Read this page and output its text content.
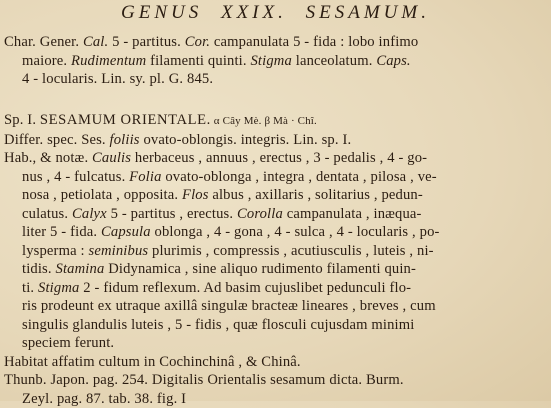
GENUS XXIX. SESAMUM.
Char. Gener. Cal. 5 - partitus. Cor. campanulata 5 - fida : lobo infimo
maiore. Rudimentum filamenti quinti. Stigma lanceolatum. Caps.
4 - locularis. Lin. sy. pl. G. 845.
Sp. I. SESAMUM ORIENTALE. α Cây Mè. β Mà · Chî.
Differ. spec. Ses. foliis ovato-oblongis. integris. Lin. sp. I.
Hab., & notæ. Caulis herbaceus , annuus , erectus , 3 - pedalis , 4 - go-
nus , 4 - fulcatus. Folia ovato-oblonga , integra , dentata , pilosa , ve-
nosa , petiolata , opposita. Flos albus , axillaris , solitarius , pedun-
culatus. Calyx 5 - partitus , erectus. Corolla campanulata , inæqua-
liter 5 - fida. Capsula oblonga , 4 - gona , 4 - sulca , 4 - locularis , po-
lysperma : seminibus plurimis , compressis , acutiusculis , luteis , ni-
tidis. Stamina Didynamica , sine aliquo rudimento filamenti quin-
ti. Stigma 2 - fidum reflexum. Ad basim cujuslibet pedunculi flo-
ris prodeunt ex utraque axillâ singulæ bracteæ lineares , breves , cum
singulis glandulis luteis , 5 - fidis , quæ flosculi cujusdam minimi
speciem ferunt.
Habitat affatim cultum in Cochinchinâ , & Chinâ.
Thunb. Japon. pag. 254. Digitalis Orientalis sesamum dicta. Burm.
Zeyl. pag. 87. tab. 38. fig. I
